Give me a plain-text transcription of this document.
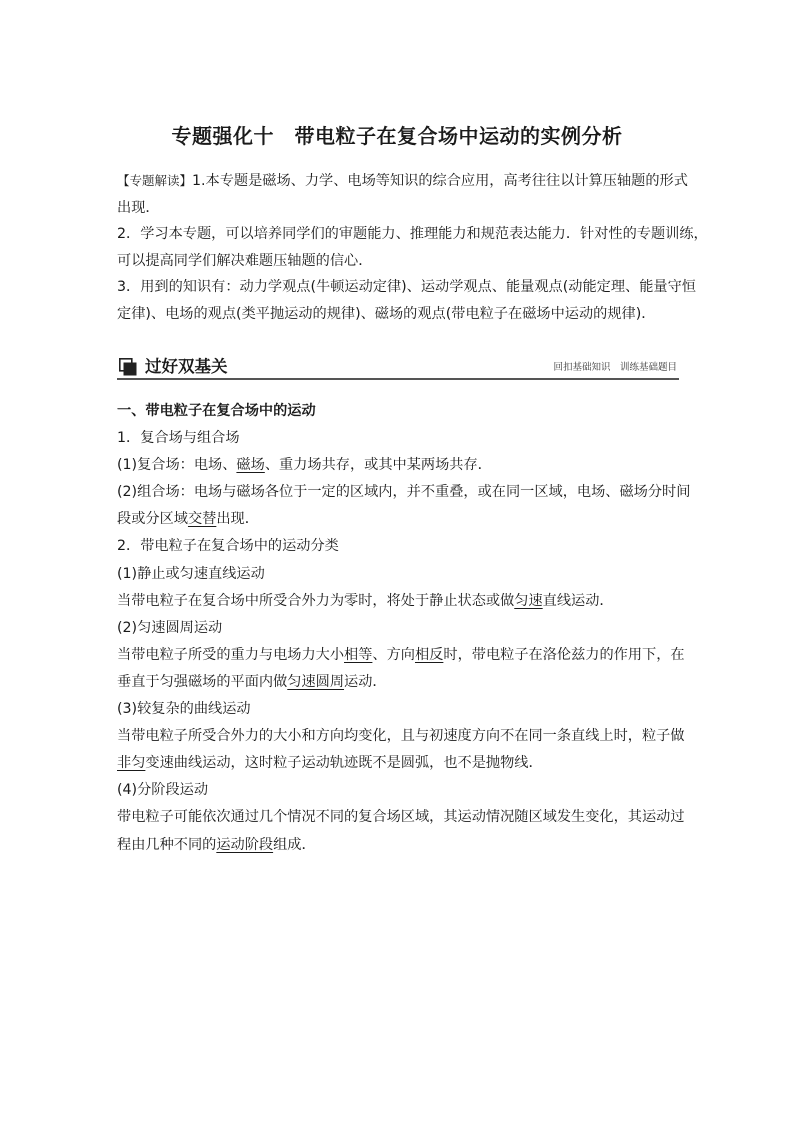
专题强化十　带电粒子在复合场中运动的实例分析
【专题解读】1.本专题是磁场、力学、电场等知识的综合应用，高考往往以计算压轴题的形式
出现．
2．学习本专题，可以培养同学们的审题能力、推理能力和规范表达能力．针对性的专题训练，
可以提高同学们解决难题压轴题的信心．
3．用到的知识有：动力学观点(牛顿运动定律)、运动学观点、能量观点(动能定理、能量守恒
定律)、电场的观点(类平抛运动的规律)、磁场的观点(带电粒子在磁场中运动的规律)．
过好双基关	回扣基础知识　训练基础题目
一、带电粒子在复合场中的运动
1．复合场与组合场
(1)复合场：电场、磁场、重力场共存，或其中某两场共存．
(2)组合场：电场与磁场各位于一定的区域内，并不重叠，或在同一区域，电场、磁场分时间
段或分区域交替出现．
2．带电粒子在复合场中的运动分类
(1)静止或匀速直线运动
当带电粒子在复合场中所受合外力为零时，将处于静止状态或做匀速直线运动．
(2)匀速圆周运动
当带电粒子所受的重力与电场力大小相等、方向相反时，带电粒子在洛伦兹力的作用下，在
垂直于匀强磁场的平面内做匀速圆周运动．
(3)较复杂的曲线运动
当带电粒子所受合外力的大小和方向均变化，且与初速度方向不在同一条直线上时，粒子做
非匀变速曲线运动，这时粒子运动轨迹既不是圆弧，也不是抛物线．
(4)分阶段运动
带电粒子可能依次通过几个情况不同的复合场区域，其运动情况随区域发生变化，其运动过
程由几种不同的运动阶段组成．
